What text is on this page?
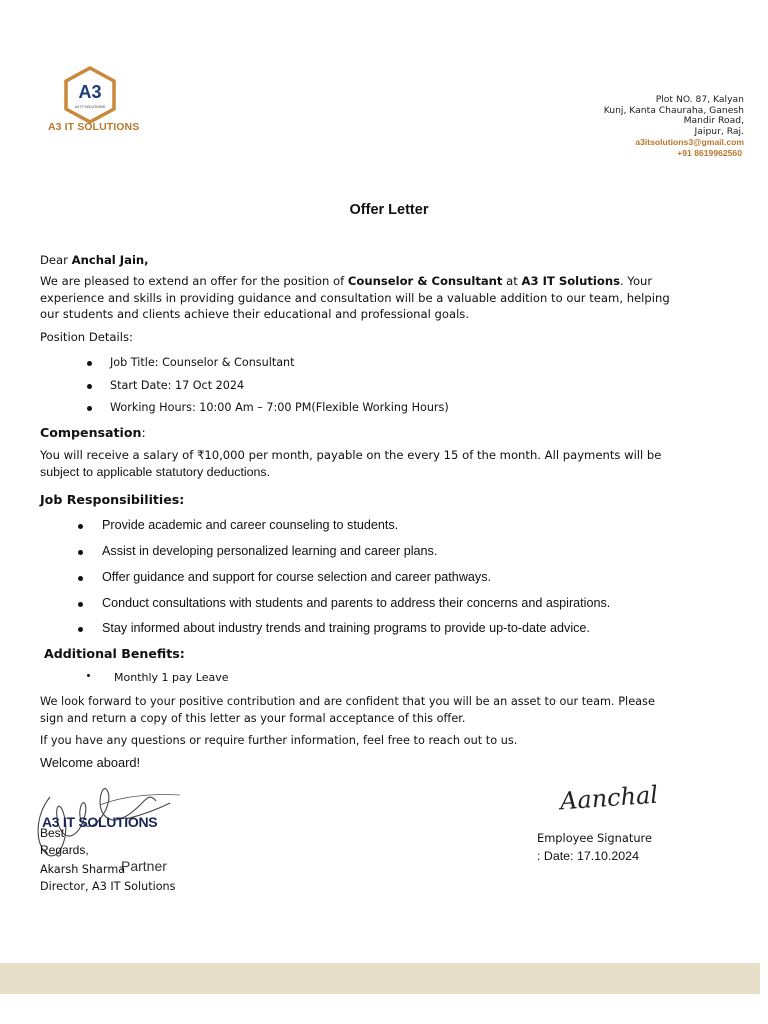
A3
A3 IT SOLUTIONS
A3 IT SOLUTIONS
Plot NO. 87, Kalyan
Kunj, Kanta Chauraha, Ganesh
Mandir Road,
Jaipur, Raj.
a3itsolutions3@gmail.com
+91 8619962560
Offer Letter
Dear Anchal Jain,
We are pleased to extend an offer for the position of Counselor & Consultant at A3 IT Solutions. Your experience and skills in providing guidance and consultation will be a valuable addition to our team, helping our students and clients achieve their educational and professional goals.
Position Details:
Job Title: Counselor & Consultant
Start Date: 17 Oct 2024
Working Hours: 10:00 Am – 7:00 PM(Flexible Working Hours)
Compensation:
You will receive a salary of ₹10,000 per month, payable on the every 15 of the month. All payments will be
subject to applicable statutory deductions.
Job Responsibilities:
Provide academic and career counseling to students.
Assist in developing personalized learning and career plans.
Offer guidance and support for course selection and career pathways.
Conduct consultations with students and parents to address their concerns and aspirations.
Stay informed about industry trends and training programs to provide up-to-date advice.
Additional Benefits:
Monthly 1 pay Leave
We look forward to your positive contribution and are confident that you will be an asset to our team. Please sign and return a copy of this letter as your formal acceptance of this offer.
If you have any questions or require further information, feel free to reach out to us.
Welcome aboard!
A3 IT SOLUTIONS
Partner
Best
Regards,
Akarsh Sharma
Director, A3 IT Solutions
Aanchal
Employee Signature
: Date: 17.10.2024
